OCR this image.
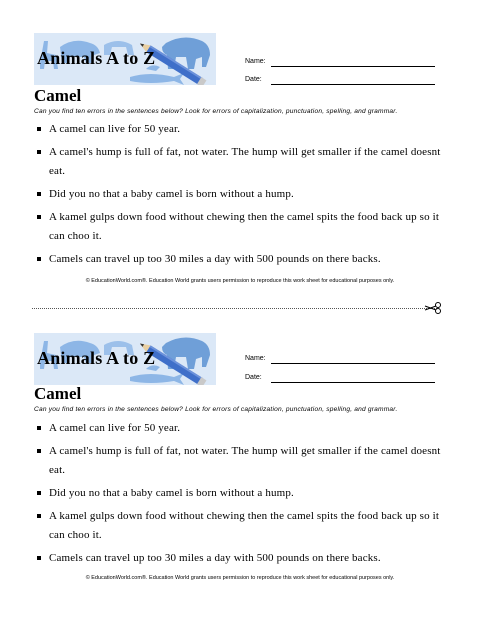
Animals A to Z	Name:
Date:
Camel
Can you find ten errors in the sentences below? Look for errors of capitalization, punctuation, spelling, and grammar.
A camel can live for 50 year.
A camel's hump is full of fat, not water. The hump will get smaller if the camel doesnt eat.
Did you no that a baby camel is born without a hump.
A kamel gulps down food without chewing then the camel spits the food back up so it can choo it.
Camels can travel up too 30 miles a day with 500 pounds on there backs.
© EducationWorld.com®. Education World grants users permission to reproduce this work sheet for educational purposes only.
Animals A to Z	Name:
Date:
Camel
Can you find ten errors in the sentences below? Look for errors of capitalization, punctuation, spelling, and grammar.
A camel can live for 50 year.
A camel's hump is full of fat, not water. The hump will get smaller if the camel doesnt eat.
Did you no that a baby camel is born without a hump.
A kamel gulps down food without chewing then the camel spits the food back up so it can choo it.
Camels can travel up too 30 miles a day with 500 pounds on there backs.
© EducationWorld.com®. Education World grants users permission to reproduce this work sheet for educational purposes only.
